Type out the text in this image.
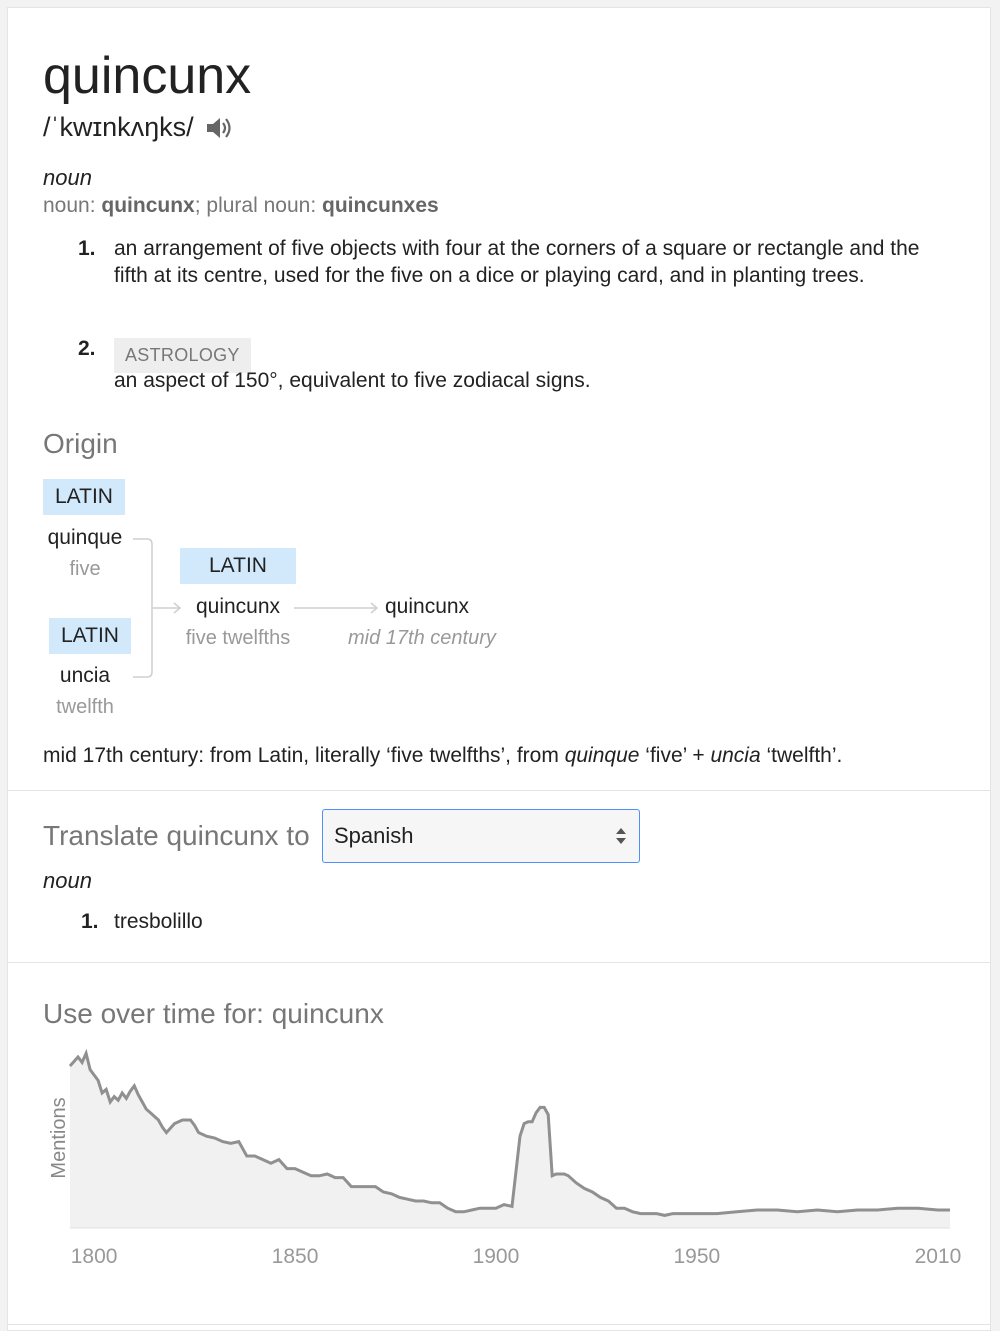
quincunx
/ˈkwɪnkʌŋks/
noun
noun: quincunx; plural noun: quincunxes
1. an arrangement of five objects with four at the corners of a square or rectangle and the fifth at its centre, used for the five on a dice or playing card, and in planting trees.
2.	ASTROLOGY
an aspect of 150°, equivalent to five zodiacal signs.
Origin
LATIN
quinque
five
LATIN
uncia
twelfth
LATIN
quincunx
five twelfths
quincunx
mid 17th century
mid 17th century: from Latin, literally ‘five twelfths’, from quinque ‘five’ + uncia ‘twelfth’.
Translate quincunx to Spanish
noun
1. tresbolillo
Use over time for: quincunx
Mentions
1800	1850	1900	1950	2010
